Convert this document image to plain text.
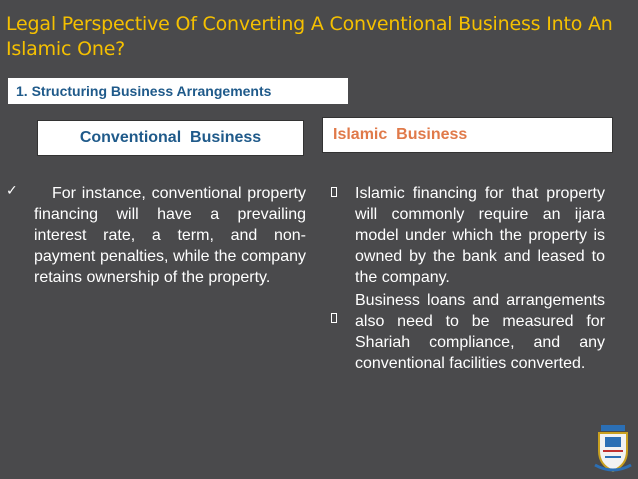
Legal Perspective Of Converting A Conventional Business Into An Islamic One?
1. Structuring Business Arrangements
Conventional  Business	Islamic  Business
✓	For instance, conventional property financing will have a prevailing interest rate, a term, and non-payment penalties, while the company retains ownership of the property.

Islamic financing for that property will commonly require an ijara model under which the property is owned by the bank and leased to the company.

Business loans and arrangements also need to be measured for Shariah compliance, and any conventional facilities converted.
